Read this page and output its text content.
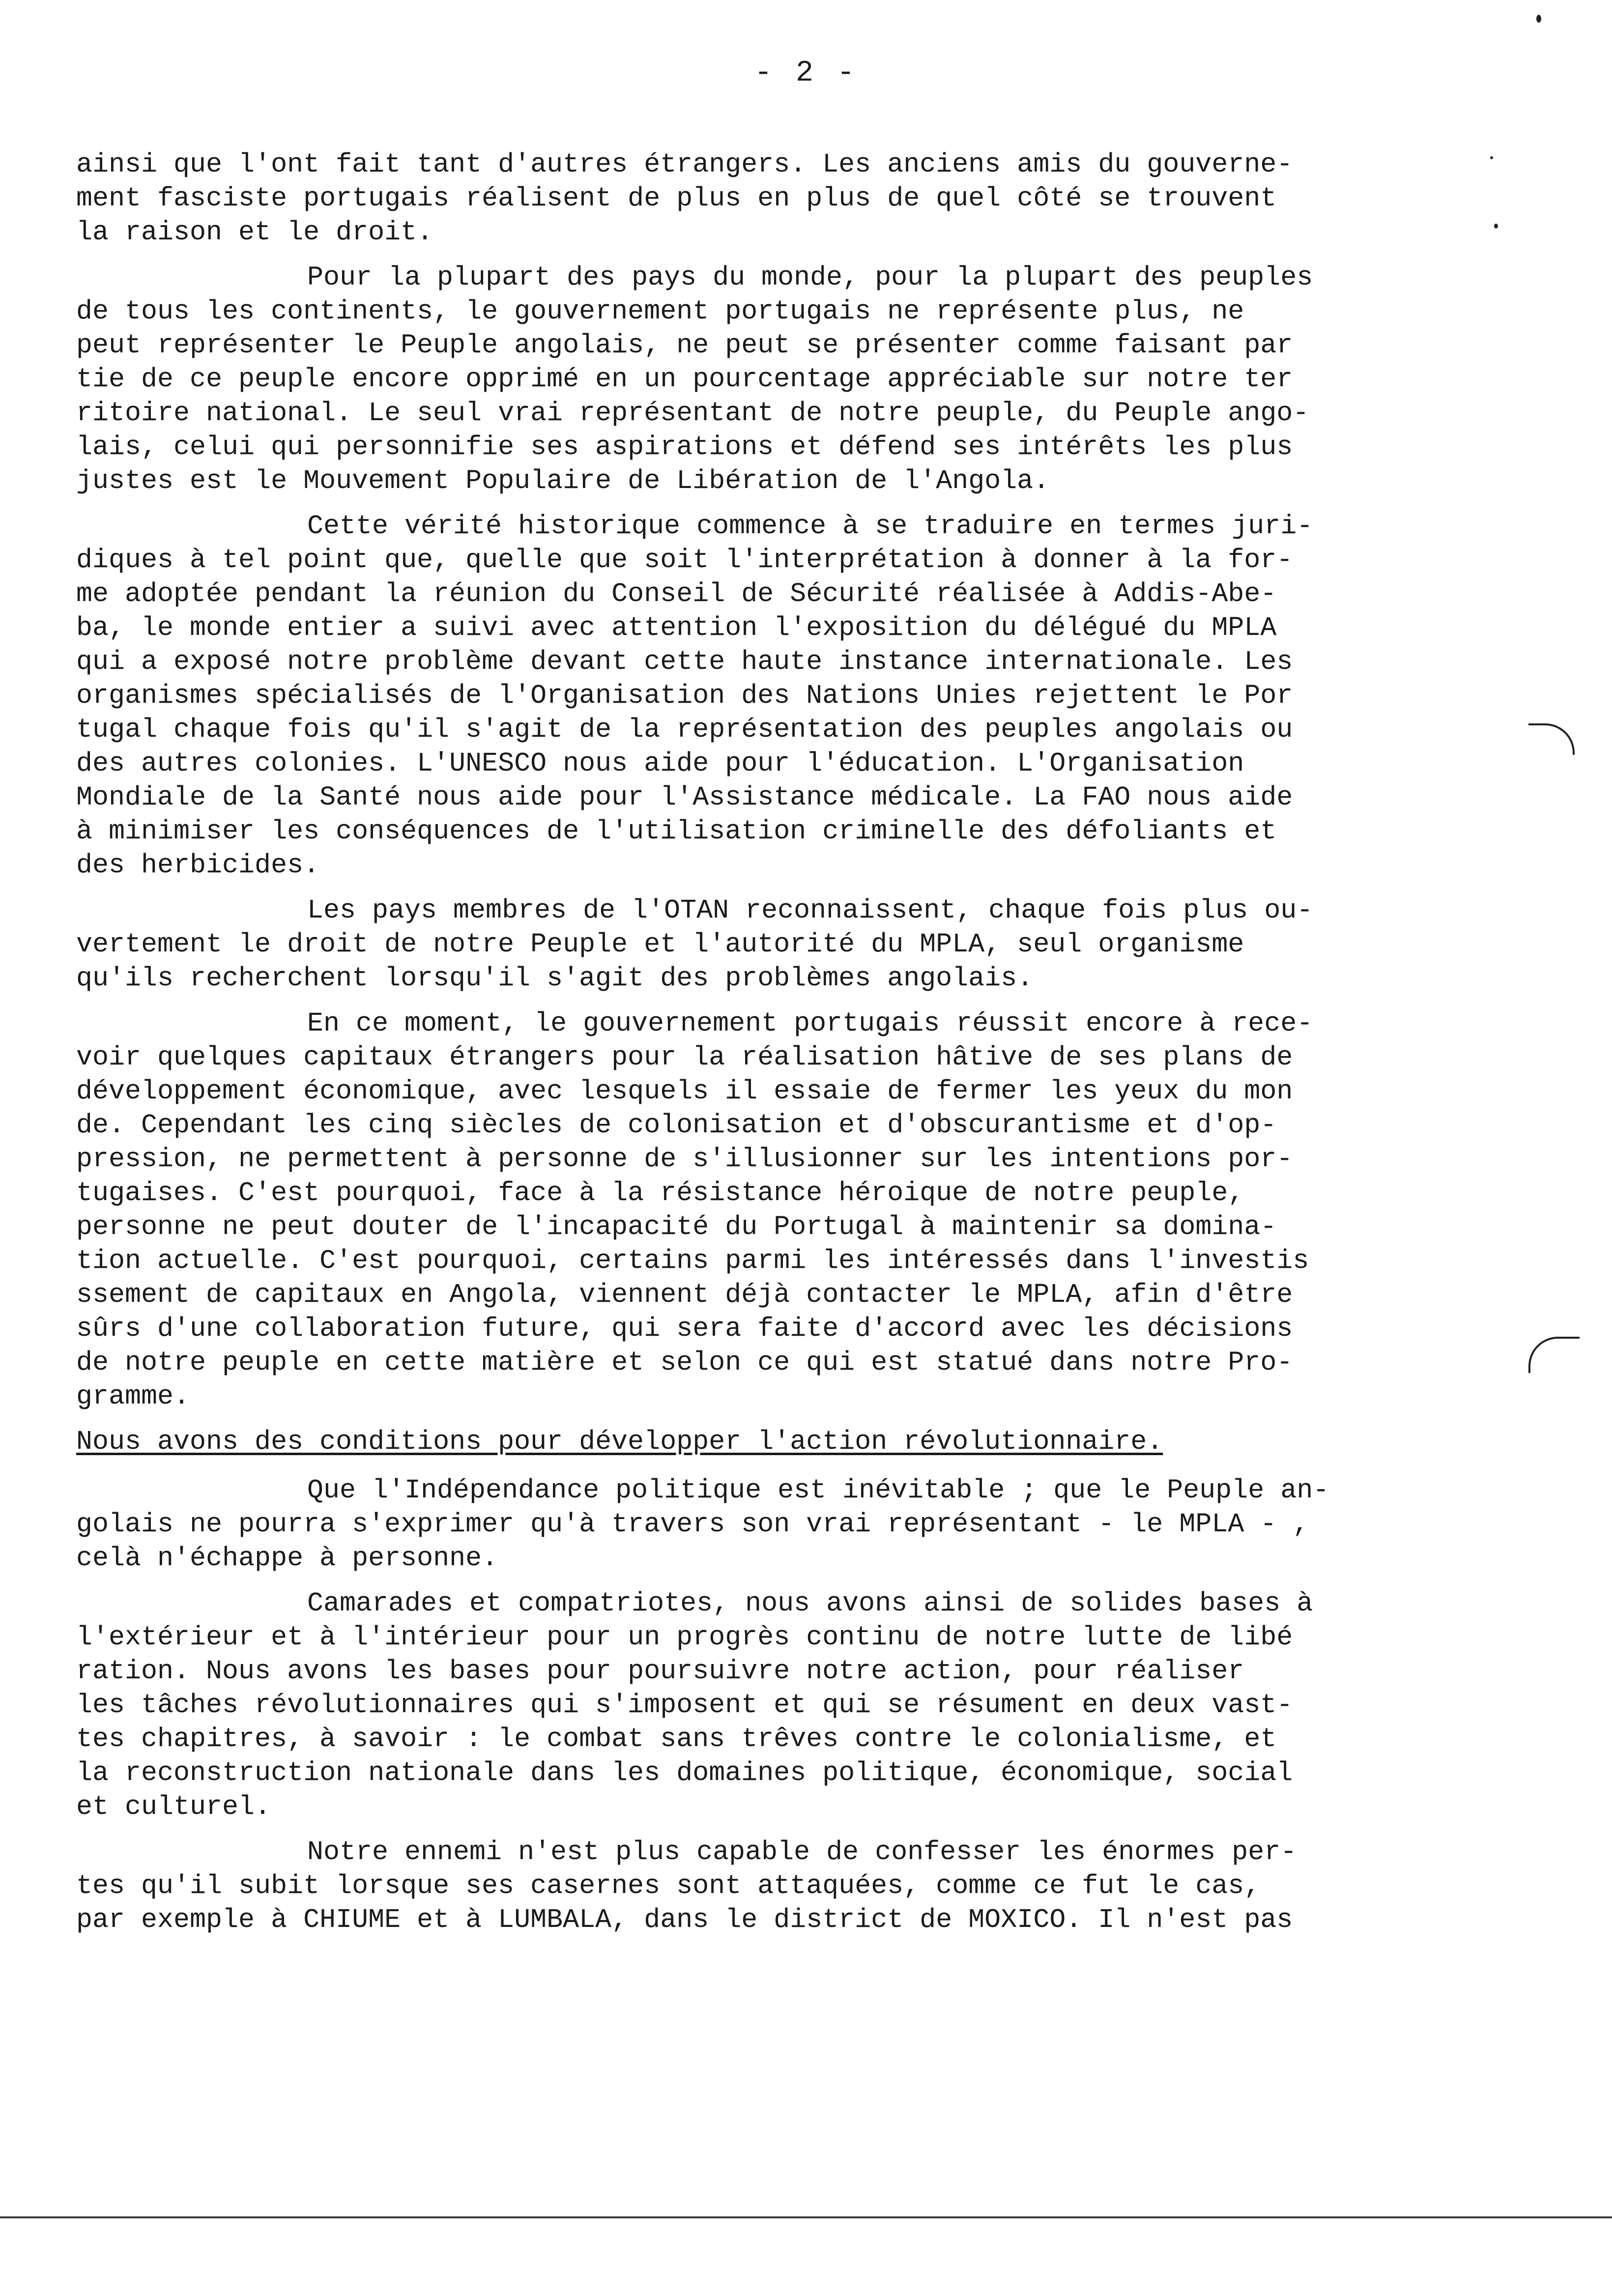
- 2 -

ainsi que l'ont fait tant d'autres étrangers. Les anciens amis du gouverne-
ment fasciste portugais réalisent de plus en plus de quel côté se trouvent
la raison et le droit.

Pour la plupart des pays du monde, pour la plupart des peuples
de tous les continents, le gouvernement portugais ne représente plus, ne
peut représenter le Peuple angolais, ne peut se présenter comme faisant par
tie de ce peuple encore opprimé en un pourcentage appréciable sur notre ter
ritoire national. Le seul vrai représentant de notre peuple, du Peuple ango-
lais, celui qui personnifie ses aspirations et défend ses intérêts les plus
justes est le Mouvement Populaire de Libération de l'Angola.

Cette vérité historique commence à se traduire en termes juri-
diques à tel point que, quelle que soit l'interprétation à donner à la for-
me adoptée pendant la réunion du Conseil de Sécurité réalisée à Addis-Abe-
ba, le monde entier a suivi avec attention l'exposition du délégué du MPLA
qui a exposé notre problème devant cette haute instance internationale. Les
organismes spécialisés de l'Organisation des Nations Unies rejettent le Por
tugal chaque fois qu'il s'agit de la représentation des peuples angolais ou
des autres colonies. L'UNESCO nous aide pour l'éducation. L'Organisation
Mondiale de la Santé nous aide pour l'Assistance médicale. La FAO nous aide
à minimiser les conséquences de l'utilisation criminelle des défoliants et
des herbicides.

Les pays membres de l'OTAN reconnaissent, chaque fois plus ou-
vertement le droit de notre Peuple et l'autorité du MPLA, seul organisme
qu'ils recherchent lorsqu'il s'agit des problèmes angolais.

En ce moment, le gouvernement portugais réussit encore à rece-
voir quelques capitaux étrangers pour la réalisation hâtive de ses plans de
développement économique, avec lesquels il essaie de fermer les yeux du mon
de. Cependant les cinq siècles de colonisation et d'obscurantisme et d'op-
pression, ne permettent à personne de s'illusionner sur les intentions por-
tugaises. C'est pourquoi, face à la résistance héroique de notre peuple,
personne ne peut douter de l'incapacité du Portugal à maintenir sa domina-
tion actuelle. C'est pourquoi, certains parmi les intéressés dans l'investis
ssement de capitaux en Angola, viennent déjà contacter le MPLA, afin d'être
sûrs d'une collaboration future, qui sera faite d'accord avec les décisions
de notre peuple en cette matière et selon ce qui est statué dans notre Pro-
gramme.

Nous avons des conditions pour développer l'action révolutionnaire.

Que l'Indépendance politique est inévitable ; que le Peuple an-
golais ne pourra s'exprimer qu'à travers son vrai représentant - le MPLA - ,
celà n'échappe à personne.

Camarades et compatriotes, nous avons ainsi de solides bases à
l'extérieur et à l'intérieur pour un progrès continu de notre lutte de libé
ration. Nous avons les bases pour poursuivre notre action, pour réaliser
les tâches révolutionnaires qui s'imposent et qui se résument en deux vast-
tes chapitres, à savoir : le combat sans trêves contre le colonialisme, et
la reconstruction nationale dans les domaines politique, économique, social
et culturel.

Notre ennemi n'est plus capable de confesser les énormes per-
tes qu'il subit lorsque ses casernes sont attaquées, comme ce fut le cas,
par exemple à CHIUME et à LUMBALA, dans le district de MOXICO. Il n'est pas
